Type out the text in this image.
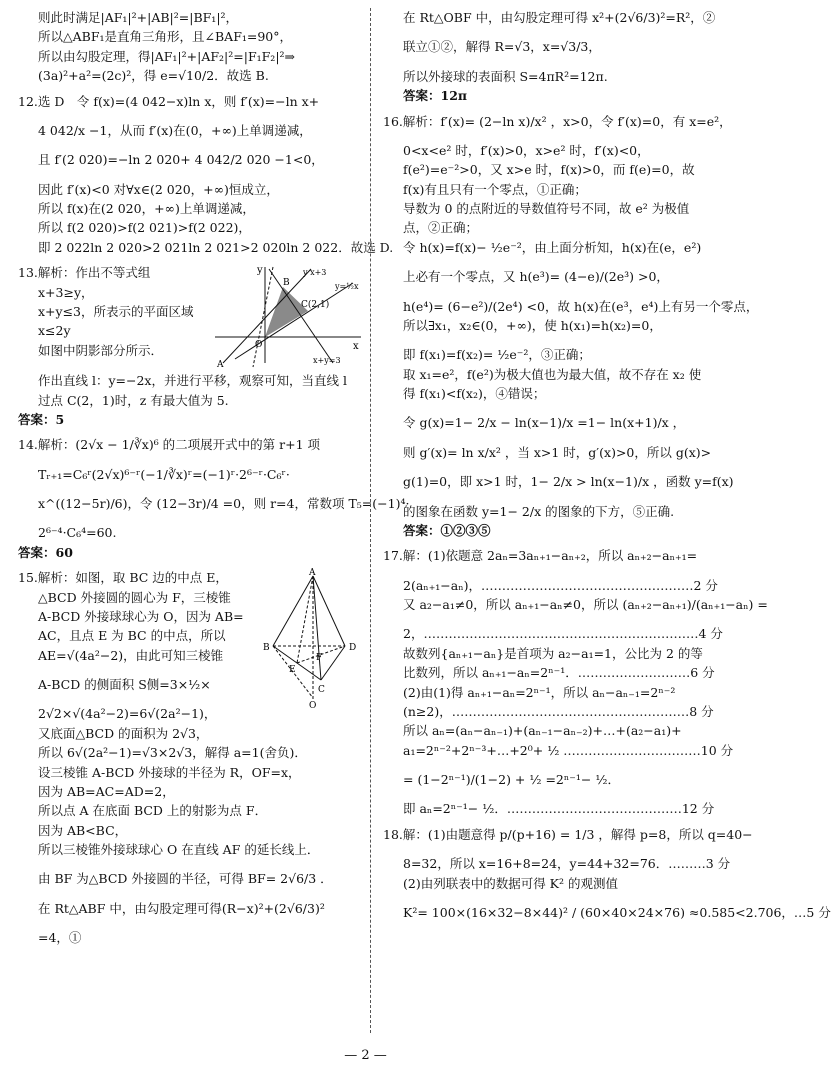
则此时满足|AF₁|²+|AB|²=|BF₁|²，
所以△ABF₁是直角三角形，且∠BAF₁=90°，
所以由勾股定理，得|AF₁|²+|AF₂|²=|F₁F₂|²⇒
(3a)²+a²=(2c)²，得 e=√10/2．故选 B.
12.选 D　令 f(x)=(4 042−x)ln x，则 f′(x)=−ln x+
4 042/x −1，从而 f′(x)在(0，+∞)上单调递减，
且 f′(2 020)=−ln 2 020+ 4 042/2 020 −1<0，
因此 f′(x)<0 对∀x∈(2 020，+∞)恒成立，
所以 f(x)在(2 020，+∞)上单调递减，
所以 f(2 020)>f(2 021)>f(2 022)，
即 2 022ln 2 020>2 021ln 2 021>2 020ln 2 022．故选 D.
13.解析：作出不等式组
x+3≥y，
x+y≤3，所表示的平面区域
x≤2y
如图中阴影部分所示．
y
x
O
A
B
C(2,1)
y x+3
y=½x
x+y=3
作出直线 l：y=−2x，并进行平移，观察可知，当直线 l
过点 C(2，1)时，z 有最大值为 5.
答案：5
14.解析：(2√x − 1/∛x)⁶ 的二项展开式中的第 r+1 项
Tᵣ₊₁=C₆ʳ(2√x)⁶⁻ʳ(−1/∛x)ʳ=(−1)ʳ·2⁶⁻ʳ·C₆ʳ·
x^((12−5r)/6)，令 (12−3r)/4 =0，则 r=4，常数项 T₅=(−1)⁴·
2⁶⁻⁴·C₆⁴=60.
答案：60
15.解析：如图，取 BC 边的中点 E，
△BCD 外接圆的圆心为 F，三棱锥
A-BCD 外接球球心为 O，因为 AB=
AC，且点 E 为 BC 的中点，所以
AE=√(4a²−2)，由此可知三棱锥
A-BCD 的侧面积 S侧=3×½×
2√2×√(4a²−2)=6√(2a²−1)，
A
B
C
D
E
F
O
又底面△BCD 的面积为 2√3，
所以 6√(2a²−1)=√3×2√3，解得 a=1(舍负)．
设三棱锥 A-BCD 外接球的半径为 R，OF=x，
因为 AB=AC=AD=2，
所以点 A 在底面 BCD 上的射影为点 F．
因为 AB<BC，
所以三棱锥外接球球心 O 在直线 AF 的延长线上．
由 BF 为△BCD 外接圆的半径，可得 BF= 2√6/3 ．
在 Rt△ABF 中，由勾股定理可得(R−x)²+(2√6/3)²
=4，①
在 Rt△OBF 中，由勾股定理可得 x²+(2√6/3)²=R²，②
联立①②，解得 R=√3，x=√3/3，
所以外接球的表面积 S=4πR²=12π.
答案：12π
16.解析：f′(x)= (2−ln x)/x² ，x>0，令 f′(x)=0，有 x=e²，
0<x<e² 时，f′(x)>0，x>e² 时，f′(x)<0，
f(e²)=e⁻²>0，又 x>e 时，f(x)>0，而 f(e)=0，故
f(x)有且只有一个零点，①正确；
导数为 0 的点附近的导数值符号不同，故 e² 为极值
点，②正确；
令 h(x)=f(x)− ½e⁻²，由上面分析知，h(x)在(e，e²)
上必有一个零点，又 h(e³)= (4−e)/(2e³) >0，
h(e⁴)= (6−e²)/(2e⁴) <0，故 h(x)在(e³，e⁴)上有另一个零点，
所以∃x₁，x₂∈(0，+∞)，使 h(x₁)=h(x₂)=0，
即 f(x₁)=f(x₂)= ½e⁻²，③正确；
取 x₁=e²，f(e²)为极大值也为最大值，故不存在 x₂ 使
得 f(x₁)<f(x₂)，④错误；
令 g(x)=1− 2/x − ln(x−1)/x =1− ln(x+1)/x ，
则 g′(x)= ln x/x² ，当 x>1 时，g′(x)>0，所以 g(x)>
g(1)=0，即 x>1 时，1− 2/x > ln(x−1)/x ，函数 y=f(x)
的图象在函数 y=1− 2/x 的图象的下方，⑤正确.
答案：①②③⑤
17.解：(1)依题意 2aₙ=3aₙ₊₁−aₙ₊₂，所以 aₙ₊₂−aₙ₊₁=
2(aₙ₊₁−aₙ)，……………………………………………2 分
又 a₂−a₁≠0，所以 aₙ₊₁−aₙ≠0，所以 (aₙ₊₂−aₙ₊₁)/(aₙ₊₁−aₙ) =
2，…………………………………………………………4 分
故数列{aₙ₊₁−aₙ}是首项为 a₂−a₁=1，公比为 2 的等
比数列，所以 aₙ₊₁−aₙ=2ⁿ⁻¹．………………………6 分
(2)由(1)得 aₙ₊₁−aₙ=2ⁿ⁻¹，所以 aₙ−aₙ₋₁=2ⁿ⁻²
(n≥2)，…………………………………………………8 分
所以 aₙ=(aₙ−aₙ₋₁)+(aₙ₋₁−aₙ₋₂)+…+(a₂−a₁)+
a₁=2ⁿ⁻²+2ⁿ⁻³+…+2⁰+ ½ ……………………………10 分
= (1−2ⁿ⁻¹)/(1−2) + ½ =2ⁿ⁻¹− ½．
即 aₙ=2ⁿ⁻¹− ½．……………………………………12 分
18.解：(1)由题意得 p/(p+16) = 1/3 ，解得 p=8，所以 q=40−
8=32，所以 x=16+8=24，y=44+32=76．………3 分
(2)由列联表中的数据可得 K² 的观测值
K²= 100×(16×32−8×44)² / (60×40×24×76) ≈0.585<2.706，…5 分
— 2 —
